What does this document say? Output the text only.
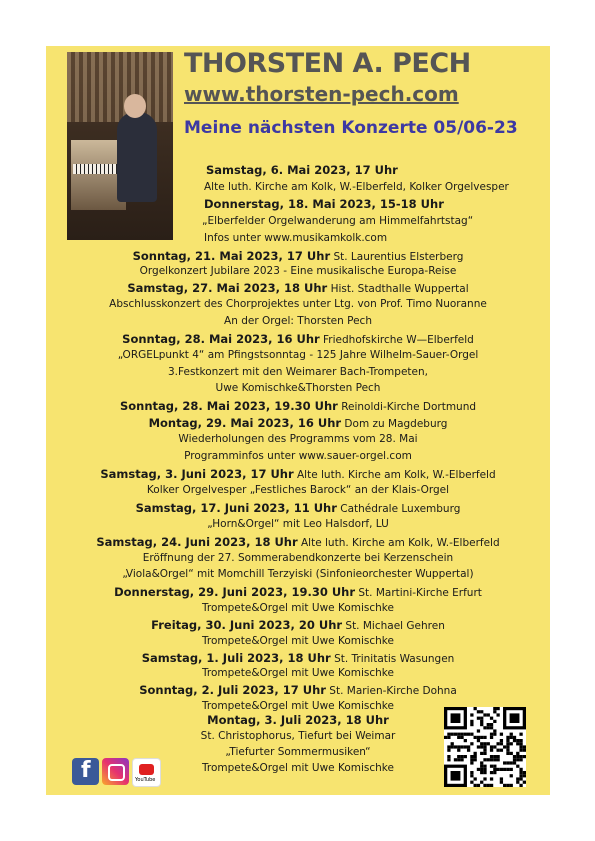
THORSTEN A. PECH
www.thorsten-pech.com
Meine nächsten Konzerte 05/06-23
Samstag, 6. Mai 2023, 17 Uhr
Alte luth. Kirche am Kolk, W.-Elberfeld, Kolker Orgelvesper
Donnerstag, 18. Mai 2023, 15-18 Uhr
„Elberfelder Orgelwanderung am Himmelfahrtstag“
Infos unter www.musikamkolk.com
Sonntag, 21. Mai 2023, 17 Uhr St. Laurentius Elsterberg
Orgelkonzert Jubilare 2023 - Eine musikalische Europa-Reise
Samstag, 27. Mai 2023, 18 Uhr Hist. Stadthalle Wuppertal
Abschlusskonzert des Chorprojektes unter Ltg. von Prof. Timo Nuoranne
An der Orgel: Thorsten Pech
Sonntag, 28. Mai 2023, 16 Uhr Friedhofskirche W—Elberfeld
„ORGELpunkt 4“ am Pfingstsonntag - 125 Jahre Wilhelm-Sauer-Orgel
3.Festkonzert mit den Weimarer Bach-Trompeten,
Uwe Komischke&Thorsten Pech
Sonntag, 28. Mai 2023, 19.30 Uhr Reinoldi-Kirche Dortmund
Montag, 29. Mai 2023, 16 Uhr Dom zu Magdeburg
Wiederholungen des Programms vom 28. Mai
Programminfos unter www.sauer-orgel.com
Samstag, 3. Juni 2023, 17 Uhr Alte luth. Kirche am Kolk, W.-Elberfeld
Kolker Orgelvesper „Festliches Barock“ an der Klais-Orgel
Samstag, 17. Juni 2023, 11 Uhr Cathédrale Luxemburg
„Horn&Orgel“ mit Leo Halsdorf, LU
Samstag, 24. Juni 2023, 18 Uhr Alte luth. Kirche am Kolk, W.-Elberfeld
Eröffnung der 27. Sommerabendkonzerte bei Kerzenschein
„Viola&Orgel“ mit Momchill Terzyiski (Sinfonieorchester Wuppertal)
Donnerstag, 29. Juni 2023, 19.30 Uhr St. Martini-Kirche Erfurt
Trompete&Orgel mit Uwe Komischke
Freitag, 30. Juni 2023, 20 Uhr St. Michael Gehren
Trompete&Orgel mit Uwe Komischke
Samstag, 1. Juli 2023, 18 Uhr St. Trinitatis Wasungen
Trompete&Orgel mit Uwe Komischke
Sonntag, 2. Juli 2023, 17 Uhr St. Marien-Kirche Dohna
Trompete&Orgel mit Uwe Komischke
Montag, 3. Juli 2023, 18 Uhr
St. Christophorus, Tiefurt bei Weimar
„Tiefurter Sommermusiken“
Trompete&Orgel mit Uwe Komischke
f	YouTube
